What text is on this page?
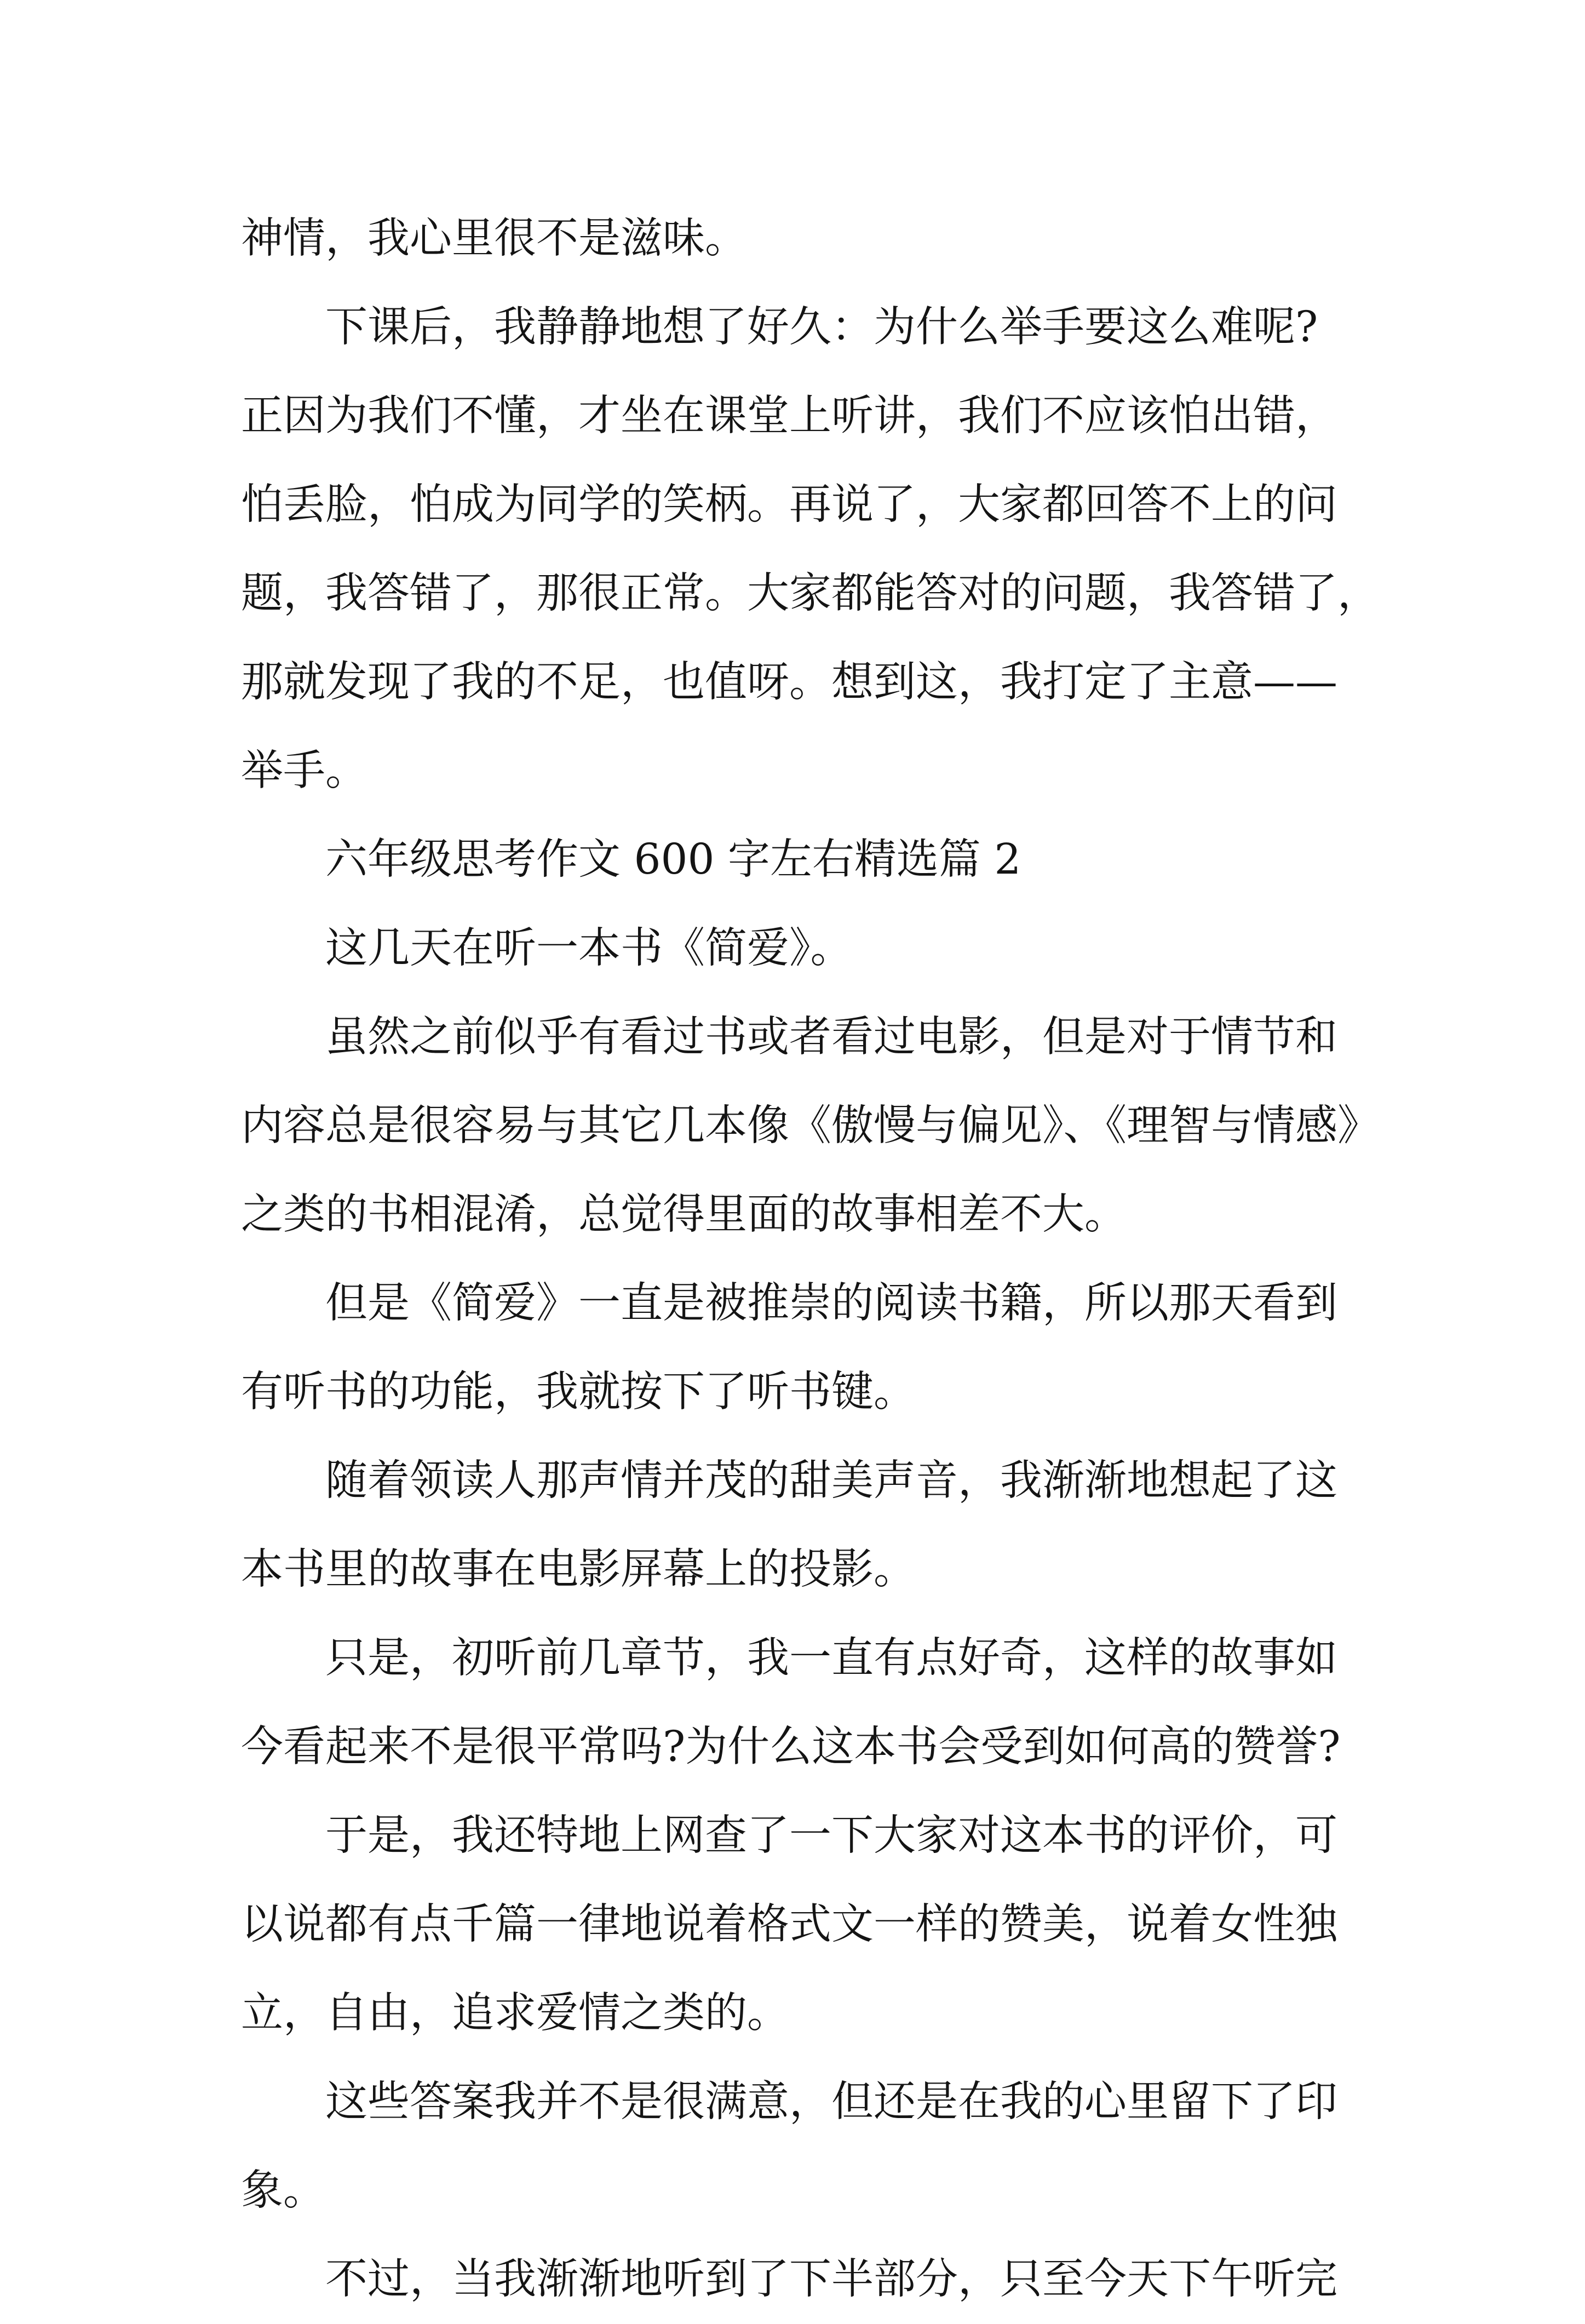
神情，我心里很不是滋味。

　　下课后，我静静地想了好久：为什么举手要这么难呢?

正因为我们不懂，才坐在课堂上听讲，我们不应该怕出错，

怕丢脸，怕成为同学的笑柄。再说了，大家都回答不上的问

题，我答错了，那很正常。大家都能答对的问题，我答错了，

那就发现了我的不足，也值呀。想到这，我打定了主意——

举手。

　　六年级思考作文 600 字左右精选篇 2

　　这几天在听一本书《简爱》。

　　虽然之前似乎有看过书或者看过电影，但是对于情节和

内容总是很容易与其它几本像《傲慢与偏见》、《理智与情感》

之类的书相混淆，总觉得里面的故事相差不大。

　　但是《简爱》一直是被推崇的阅读书籍，所以那天看到

有听书的功能，我就按下了听书键。

　　随着领读人那声情并茂的甜美声音，我渐渐地想起了这

本书里的故事在电影屏幕上的投影。

　　只是，初听前几章节，我一直有点好奇，这样的故事如

今看起来不是很平常吗?为什么这本书会受到如何高的赞誉?

　　于是，我还特地上网查了一下大家对这本书的评价，可

以说都有点千篇一律地说着格式文一样的赞美，说着女性独

立，自由，追求爱情之类的。

　　这些答案我并不是很满意，但还是在我的心里留下了印

象。

　　不过，当我渐渐地听到了下半部分，只至今天下午听完
